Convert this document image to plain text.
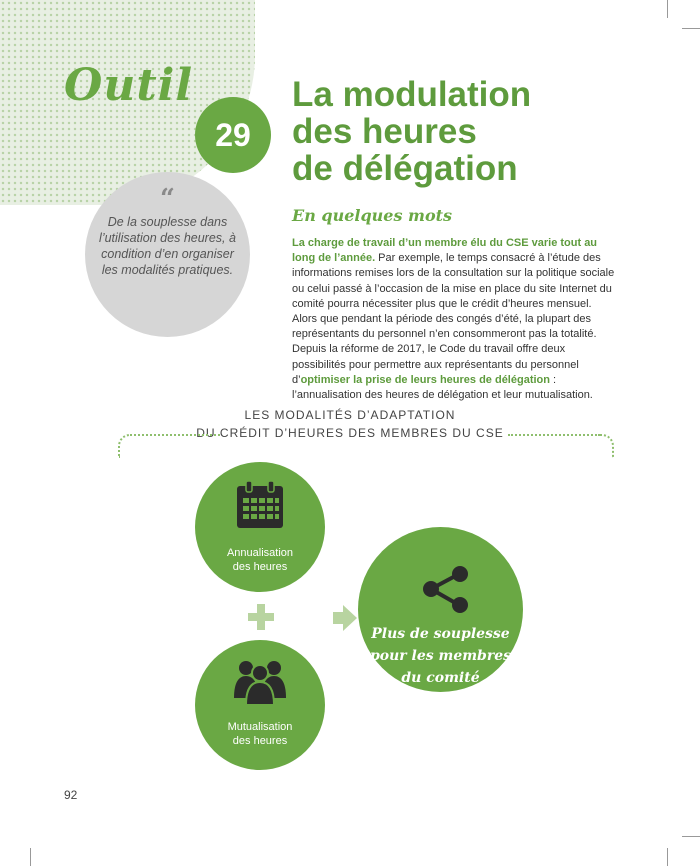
Outil
29
La modulation
des heures
de délégation
“
De la souplesse dans l’utilisation des heures, à condition d’en organiser les modalités pratiques.
En quelques mots
La charge de travail d’un membre élu du CSE varie tout au long de l’année. Par exemple, le temps consacré à l’étude des informations remises lors de la consultation sur la politique sociale ou celui passé à l’occasion de la mise en place du site Internet du comité pourra nécessiter plus que le crédit d’heures mensuel. Alors que pendant la période des congés d’été, la plupart des représentants du personnel n’en consommeront pas la totalité. Depuis la réforme de 2017, le Code du travail offre deux possibilités pour permettre aux représentants du personnel d’optimiser la prise de leurs heures de délégation : l’annualisation des heures de délégation et leur mutualisation.
LES MODALITÉS D’ADAPTATION
DU CRÉDIT D’HEURES DES MEMBRES DU CSE
Annualisation
des heures
Mutualisation
des heures
Plus de souplesse
pour les membres
du comité
92
